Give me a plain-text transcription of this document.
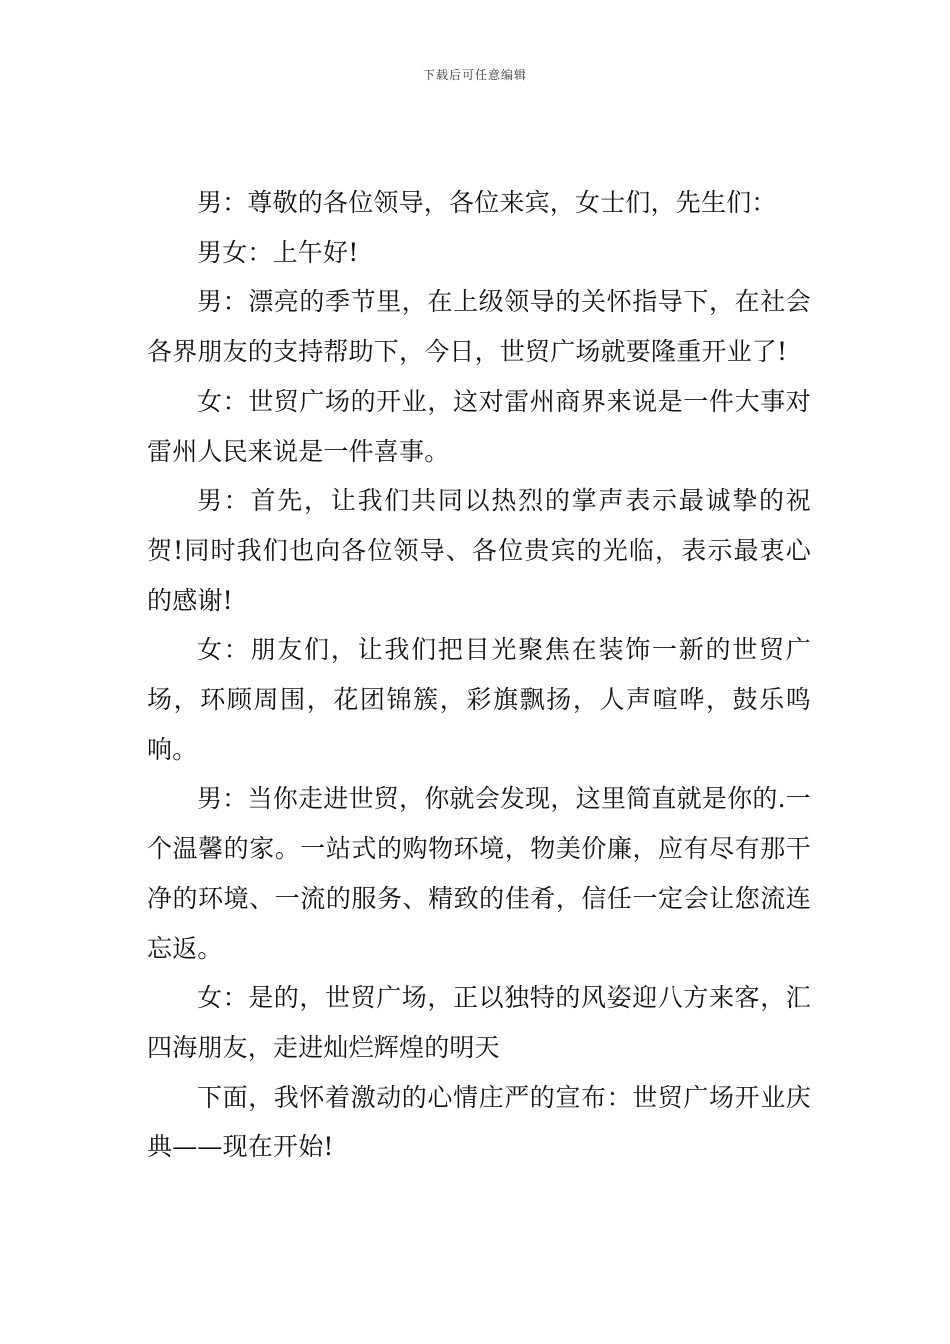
下载后可任意编辑

男：尊敬的各位领导，各位来宾，女士们，先生们：

男女：上午好!

男：漂亮的季节里，在上级领导的关怀指导下，在社会各界朋友的支持帮助下，今日，世贸广场就要隆重开业了!

女：世贸广场的开业，这对雷州商界来说是一件大事对雷州人民来说是一件喜事。

男：首先，让我们共同以热烈的掌声表示最诚挚的祝贺!同时我们也向各位领导、各位贵宾的光临，表示最衷心的感谢!

女：朋友们，让我们把目光聚焦在装饰一新的世贸广场，环顾周围，花团锦簇，彩旗飘扬，人声喧哗，鼓乐鸣响。

男：当你走进世贸，你就会发现，这里简直就是你的.一个温馨的家。一站式的购物环境，物美价廉，应有尽有那干净的环境、一流的服务、精致的佳肴，信任一定会让您流连忘返。

女：是的，世贸广场，正以独特的风姿迎八方来客，汇四海朋友，走进灿烂辉煌的明天

下面，我怀着激动的心情庄严的宣布：世贸广场开业庆典——现在开始!
